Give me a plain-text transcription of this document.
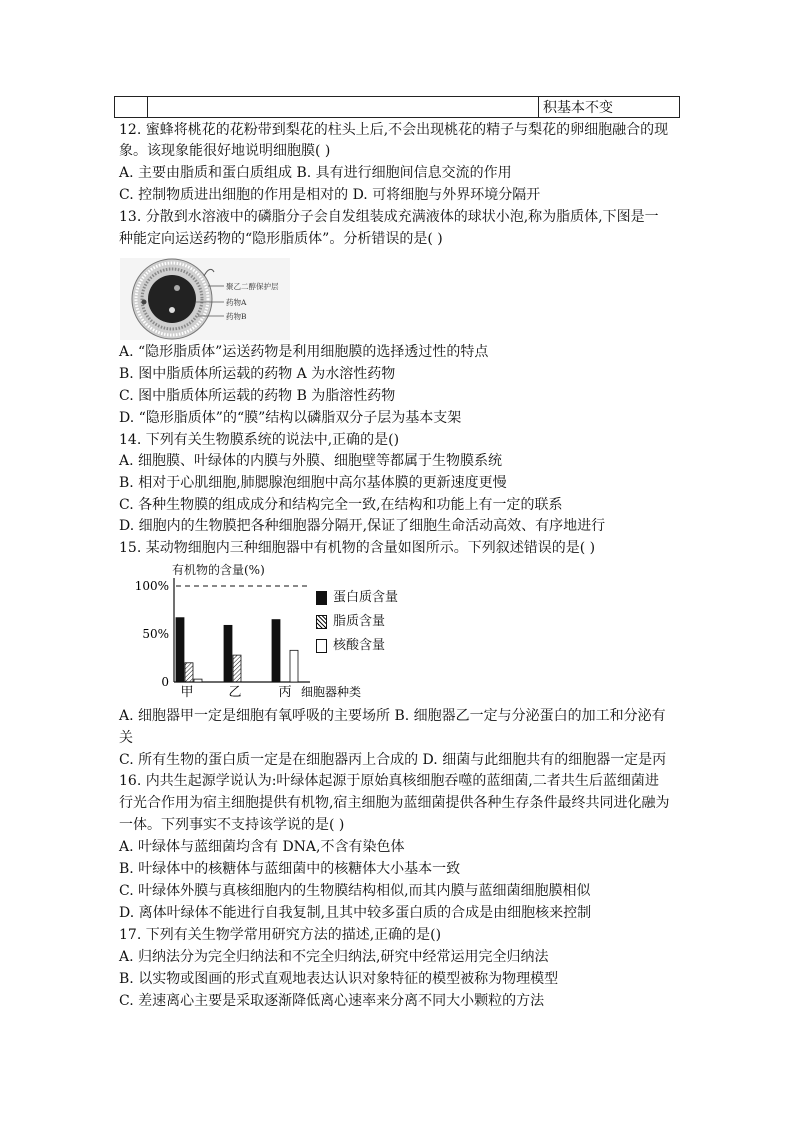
		积基本不变
12. 蜜蜂将桃花的花粉带到梨花的柱头上后,不会出现桃花的精子与梨花的卵细胞融合的现
象。该现象能很好地说明细胞膜( )
A. 主要由脂质和蛋白质组成 B. 具有进行细胞间信息交流的作用
C. 控制物质进出细胞的作用是相对的 D. 可将细胞与外界环境分隔开
13. 分散到水溶液中的磷脂分子会自发组装成充满液体的球状小泡,称为脂质体,下图是一
种能定向运送药物的“隐形脂质体”。分析错误的是( )
聚乙二醇保护层
药物A
药物B
A. “隐形脂质体”运送药物是利用细胞膜的选择透过性的特点
B. 图中脂质体所运载的药物 A 为水溶性药物
C. 图中脂质体所运载的药物 B 为脂溶性药物
D. “隐形脂质体”的“膜”结构以磷脂双分子层为基本支架
14. 下列有关生物膜系统的说法中,正确的是()
A. 细胞膜、叶绿体的内膜与外膜、细胞壁等都属于生物膜系统
B. 相对于心肌细胞,肺腮腺泡细胞中高尔基体膜的更新速度更慢
C. 各种生物膜的组成成分和结构完全一致,在结构和功能上有一定的联系
D. 细胞内的生物膜把各种细胞器分隔开,保证了细胞生命活动高效、有序地进行
15. 某动物细胞内三种细胞器中有机物的含量如图所示。下列叙述错误的是( )
有机物的含量(%)
0
50%
100%
甲	乙	丙 细胞器种类
蛋白质含量
脂质含量
核酸含量
A. 细胞器甲一定是细胞有氧呼吸的主要场所 B. 细胞器乙一定与分泌蛋白的加工和分泌有
关
C. 所有生物的蛋白质一定是在细胞器丙上合成的 D. 细菌与此细胞共有的细胞器一定是丙
16. 内共生起源学说认为:叶绿体起源于原始真核细胞吞噬的蓝细菌,二者共生后蓝细菌进
行光合作用为宿主细胞提供有机物,宿主细胞为蓝细菌提供各种生存条件最终共同进化融为
一体。下列事实不支持该学说的是( )
A. 叶绿体与蓝细菌均含有 DNA,不含有染色体
B. 叶绿体中的核糖体与蓝细菌中的核糖体大小基本一致
C. 叶绿体外膜与真核细胞内的生物膜结构相似,而其内膜与蓝细菌细胞膜相似
D. 离体叶绿体不能进行自我复制,且其中较多蛋白质的合成是由细胞核来控制
17. 下列有关生物学常用研究方法的描述,正确的是()
A. 归纳法分为完全归纳法和不完全归纳法,研究中经常运用完全归纳法
B. 以实物或图画的形式直观地表达认识对象特征的模型被称为物理模型
C. 差速离心主要是采取逐渐降低离心速率来分离不同大小颗粒的方法
